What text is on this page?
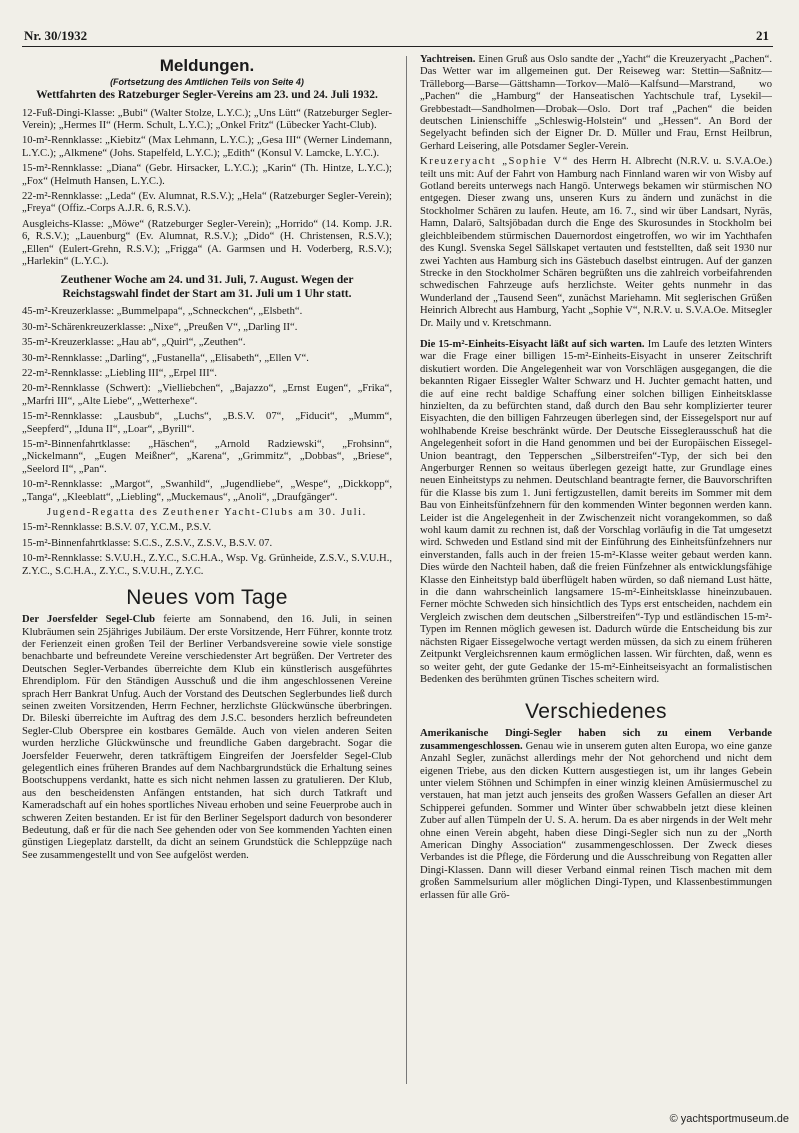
Nr. 30/1932	21
Meldungen.
(Fortsetzung des Amtlichen Teils von Seite 4)
Wettfahrten des Ratzeburger Segler-Vereins am 23. und 24. Juli 1932.

12-Fuß-Dingi-Klasse: „Bubi“ (Walter Stolze, L.Y.C.); „Uns Lütt“ (Ratzeburger Segler-Verein); „Hermes II“ (Herm. Schult, L.Y.C.); „Onkel Fritz“ (Lübecker Yacht-Club).

10-m²-Rennklasse: „Kiebitz“ (Max Lehmann, L.Y.C.); „Gesa III“ (Werner Lindemann, L.Y.C.); „Alkmene“ (Johs. Stapelfeld, L.Y.C.); „Edith“ (Konsul V. Lamcke, L.Y.C.).

15-m²-Rennklasse: „Diana“ (Gebr. Hirsacker, L.Y.C.); „Karin“ (Th. Hintze, L.Y.C.); „Fox“ (Helmuth Hansen, L.Y.C.).

22-m²-Rennklasse: „Leda“ (Ev. Alumnat, R.S.V.); „Hela“ (Ratzeburger Segler-Verein); „Freya“ (Offiz.-Corps A.J.R. 6, R.S.V.).

Ausgleichs-Klasse: „Möwe“ (Ratzeburger Segler-Verein); „Horrido“ (14. Komp. J.R. 6, R.S.V.); „Lauenburg“ (Ev. Alumnat, R.S.V.); „Dido“ (H. Christensen, R.S.V.); „Ellen“ (Eulert-Grehn, R.S.V.); „Frigga“ (A. Garmsen und H. Voderberg, R.S.V.); „Harlekin“ (L.Y.C.).

Zeuthener Woche am 24. und 31. Juli, 7. August. Wegen der Reichstagswahl findet der Start am 31. Juli um 1 Uhr statt.

45-m²-Kreuzerklasse: „Bummelpapa“, „Schneckchen“, „Elsbeth“.

30-m²-Schärenkreuzerklasse: „Nixe“, „Preußen V“, „Darling II“.

35-m²-Kreuzerklasse: „Hau ab“, „Quirl“, „Zeuthen“.

30-m²-Rennklasse: „Darling“, „Fustanella“, „Elisabeth“, „Ellen V“.

22-m²-Rennklasse: „Liebling III“, „Erpel III“.

20-m²-Rennklasse (Schwert): „Vielliebchen“, „Bajazzo“, „Ernst Eugen“, „Frika“, „Marfri III“, „Alte Liebe“, „Wetterhexe“.

15-m²-Rennklasse: „Lausbub“, „Luchs“, „B.S.V. 07“, „Fiducit“, „Mumm“, „Seepferd“, „Iduna II“, „Loar“, „Byrill“.

15-m²-Binnenfahrtklasse: „Häschen“, „Arnold Radziewski“, „Frohsinn“, „Nickelmann“, „Eugen Meißner“, „Karena“, „Grimmitz“, „Dobbas“, „Briese“, „Seelord II“, „Pan“.

10-m²-Rennklasse: „Margot“, „Swanhild“, „Jugendliebe“, „Wespe“, „Dickkopp“, „Tanga“, „Kleeblatt“, „Liebling“, „Muckemaus“, „Anoli“, „Draufgänger“.

Jugend-Regatta des Zeuthener Yacht-Clubs am 30. Juli.

15-m²-Rennklasse: B.S.V. 07, Y.C.M., P.S.V.

15-m²-Binnenfahrtklasse: S.C.S., Z.S.V., Z.S.V., B.S.V. 07.

10-m²-Rennklasse: S.V.U.H., Z.Y.C., S.C.H.A., Wsp. Vg. Grünheide, Z.S.V., S.V.U.H., Z.Y.C., S.C.H.A., Z.Y.C., S.V.U.H., Z.Y.C.

Neues vom Tage

Der Joersfelder Segel-Club feierte am Sonnabend, den 16. Juli, in seinen Klubräumen sein 25jähriges Jubiläum. Der erste Vorsitzende, Herr Führer, konnte trotz der Ferienzeit einen großen Teil der Berliner Verbandsvereine sowie viele sonstige benachbarte und befreundete Vereine verschiedenster Art begrüßen. Der Vertreter des Deutschen Segler-Verbandes überreichte dem Klub ein künstlerisch ausgeführtes Ehrendiplom. Für den Ständigen Ausschuß und die ihm angeschlossenen Vereine sprach Herr Bankrat Unfug. Auch der Vorstand des Deutschen Seglerbundes ließ durch seinen zweiten Vorsitzenden, Herrn Fechner, herzlichste Glückwünsche überbringen. Dr. Bileski überreichte im Auftrag des dem J.S.C. besonders herzlich befreundeten Segler-Club Oberspree ein kostbares Gemälde. Auch von vielen anderen Seiten wurden herzliche Glückwünsche und freundliche Gaben dargebracht. Sogar die Joersfelder Feuerwehr, deren tatkräftigem Eingreifen der Joersfelder Segel-Club gelegentlich eines früheren Brandes auf dem Nachbargrundstück die Erhaltung seines Bootschuppens verdankt, hatte es sich nicht nehmen lassen zu gratulieren. Der Klub, aus den bescheidensten Anfängen entstanden, hat sich durch Tatkraft und Kameradschaft auf ein hohes sportliches Niveau erhoben und seine Feuerprobe auch in schweren Zeiten bestanden. Er ist für den Berliner Segelsport dadurch von besonderer Bedeutung, daß er für die nach See gehenden oder von See kommenden Yachten einen günstigen Liegeplatz darstellt, da dicht an seinem Grundstück die Schleppzüge nach See zusammengestellt und von See aufgelöst werden.

Yachtreisen. Einen Gruß aus Oslo sandte der „Yacht“ die Kreuzeryacht „Pachen“. Das Wetter war im allgemeinen gut. Der Reiseweg war: Stettin—Saßnitz—Trälleborg—Barse—Gättshamn—Torkov—Malö—Kalfsund—Marstrand, wo „Pachen“ die „Hamburg“ der Hanseatischen Yachtschule traf, Lysekil—Grebbestadt—Sandholmen—Drobak—Oslo. Dort traf „Pachen“ die beiden deutschen Linienschiffe „Schleswig-Holstein“ und „Hessen“. An Bord der Segelyacht befinden sich der Eigner Dr. D. Müller und Frau, Ernst Heilbrun, Gerhard Leisering, alle Potsdamer Segler-Verein.

Kreuzeryacht „Sophie V“ des Herrn H. Albrecht (N.R.V. u. S.V.A.Oe.) teilt uns mit: Auf der Fahrt von Hamburg nach Finnland waren wir von Wisby auf Gotland bereits unterwegs nach Hangö. Unterwegs bekamen wir stürmischen NO entgegen. Dieser zwang uns, unseren Kurs zu ändern und zunächst in die Stockholmer Schären zu laufen. Heute, am 16. 7., sind wir über Landsart, Nyräs, Hamn, Dalarö, Saltsjöbadan durch die Enge des Skurosundes in Stockholm bei gleichbleibendem stürmischen Dauernordost eingetroffen, wo wir im Yachthafen des Kungl. Svenska Segel Sällskapet vertauten und feststellten, daß seit 1930 nur zwei Yachten aus Hamburg sich ins Gästebuch daselbst eintrugen. Auf der ganzen Strecke in den Stockholmer Schären begrüßten uns die zahlreich vorbeifahrenden schwedischen Fahrzeuge aufs herzlichste. Weiter gehts nunmehr in das Wunderland der „Tausend Seen“, zunächst Mariehamn. Mit seglerischen Grüßen Heinrich Albrecht aus Hamburg, Yacht „Sophie V“, N.R.V. u. S.V.A.Oe. Mitsegler Dr. Maily und v. Kretschmann.

Die 15-m²-Einheits-Eisyacht läßt auf sich warten. Im Laufe des letzten Winters war die Frage einer billigen 15-m²-Einheits-Eisyacht in unserer Zeitschrift diskutiert worden. Die Angelegenheit war von Vorschlägen ausgegangen, die die bekannten Rigaer Eissegler Walter Schwarz und H. Juchter gemacht hatten, und die auf eine recht baldige Schaffung einer solchen billigen Einheitsklasse hinzielten, da zu befürchten stand, daß durch den Bau sehr komplizierter teurer Eisyachten, die den billigen Fahrzeugen überlegen sind, der Eissegelsport nur auf wohlhabende Kreise beschränkt würde. Der Deutsche Eisseglerausschuß hat die Angelegenheit sofort in die Hand genommen und bei der Europäischen Eissegel-Union beantragt, den Tepperschen „Silberstreifen“-Typ, der sich bei den Angerburger Rennen so weitaus überlegen gezeigt hatte, zur Grundlage eines neuen Einheitstyps zu nehmen. Deutschland beantragte ferner, die Bauvorschriften für die Klasse bis zum 1. Juni fertigzustellen, damit bereits im Sommer mit dem Bau von Einheitsfünfzehnern für den kommenden Winter begonnen werden kann. Leider ist die Angelegenheit in der Zwischenzeit nicht vorangekommen, so daß wohl kaum damit zu rechnen ist, daß der Vorschlag vorläufig in die Tat umgesetzt wird. Schweden und Estland sind mit der Einführung des Einheitsfünfzehners nur einverstanden, falls auch in der freien 15-m²-Klasse weiter gebaut werden kann. Dies würde den Nachteil haben, daß die freien Fünfzehner als entwicklungsfähige Klasse den Einheitstyp bald überflügelt haben würden, so daß niemand Lust hätte, in die dann wahrscheinlich langsamere 15-m²-Einheitsklasse hineinzubauen. Ferner möchte Schweden sich hinsichtlich des Typs erst entscheiden, nachdem ein Vergleich zwischen dem deutschen „Silberstreifen“-Typ und estländischen 15-m²-Typen im Rennen möglich gewesen ist. Dadurch würde die Entscheidung bis zur nächsten Rigaer Eissegelwoche vertagt werden müssen, da sich zu einem früheren Zeitpunkt Vergleichsrennen kaum ermöglichen lassen. Wir fürchten, daß, wenn es so weiter geht, der gute Gedanke der 15-m²-Einheitseisyacht an formalistischen Bedenken des berühmten grünen Tisches scheitern wird.

Verschiedenes

Amerikanische Dingi-Segler haben sich zu einem Verbande zusammengeschlossen. Genau wie in unserem guten alten Europa, wo eine ganze Anzahl Segler, zunächst allerdings mehr der Not gehorchend und nicht dem eigenen Triebe, aus den dicken Kuttern ausgestiegen ist, um ihr langes Gebein unter vielem Stöhnen und Schimpfen in einer winzig kleinen Amüsiermuschel zu verstauen, hat man jetzt auch jenseits des großen Wassers Gefallen an dieser Art Schipperei gefunden. Sommer und Winter über schwabbeln jetzt diese kleinen Zuber auf allen Tümpeln der U. S. A. herum. Da es aber nirgends in der Welt mehr ohne einen Verein abgeht, haben diese Dingi-Segler sich nun zu der „North American Dinghy Association“ zusammengeschlossen. Der Zweck dieses Verbandes ist die Pflege, die Förderung und die Ausschreibung von Regatten aller Dingi-Klassen. Dann will dieser Verband einmal reinen Tisch machen mit dem großen Sammelsurium aller möglichen Dingi-Typen, und Klassenbestimmungen erlassen für alle Grö-

© yachtsportmuseum.de
